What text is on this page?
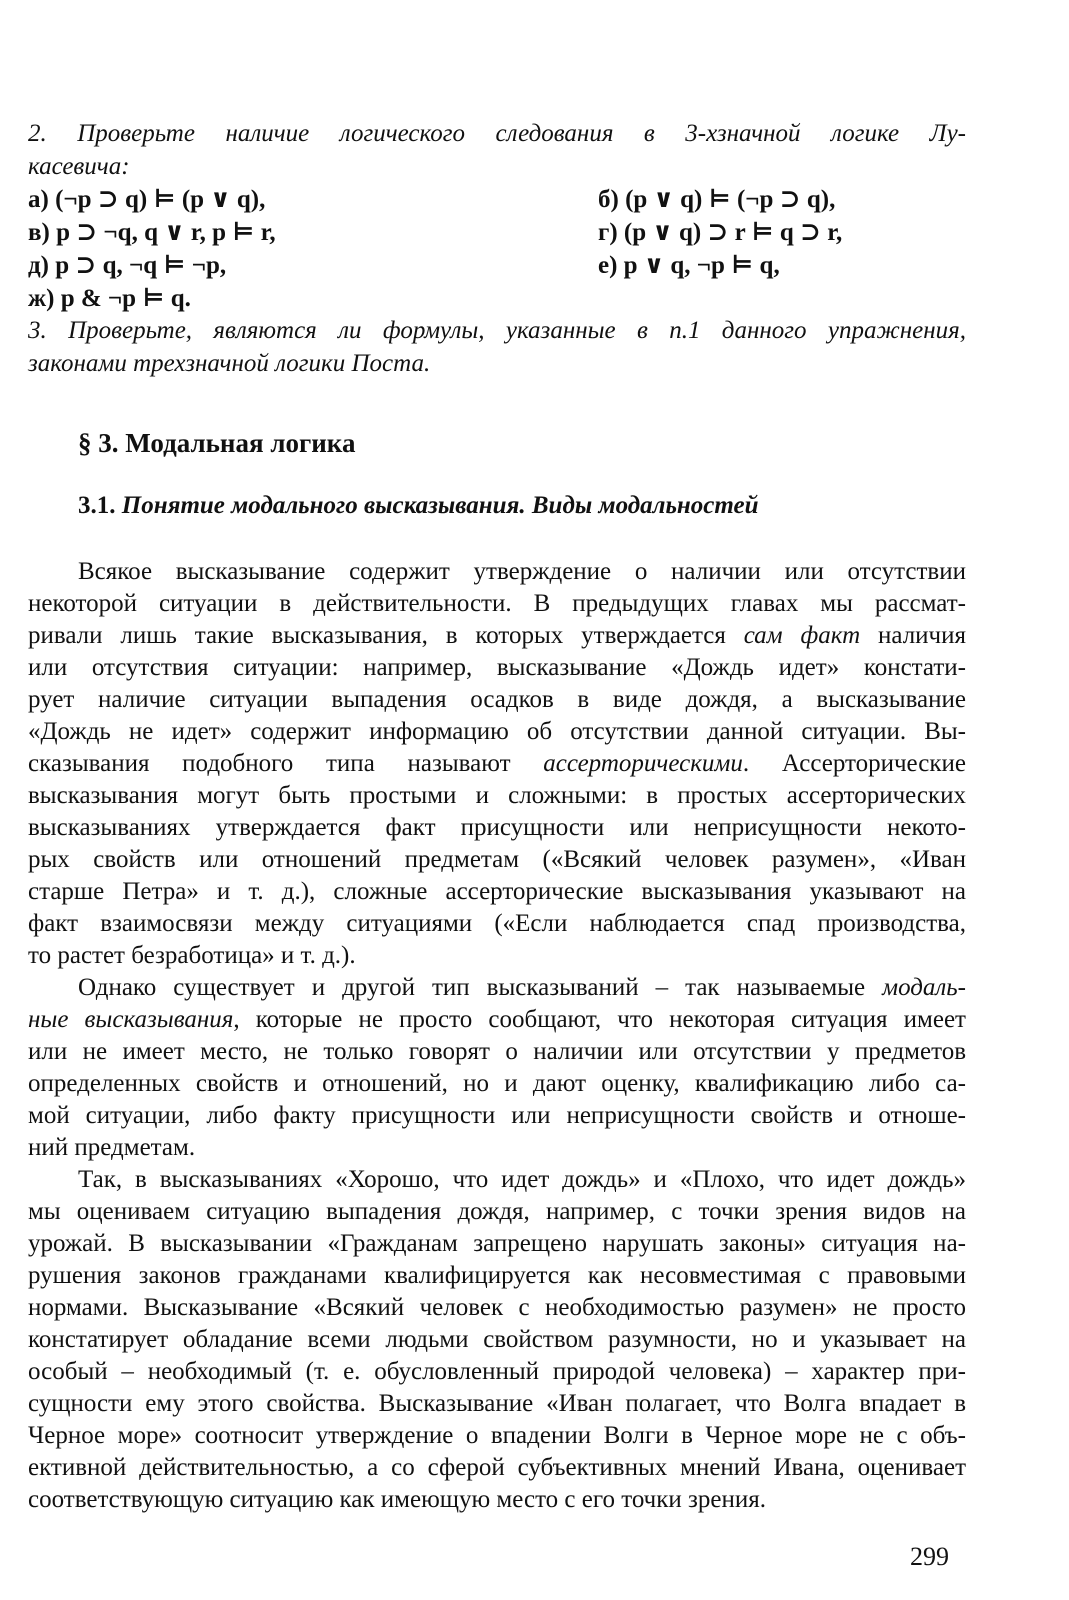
2. Проверьте наличие логического следования в 3-хзначной логике Лу-
касевича:
а) (¬p ⊃ q) ⊨ (p ∨ q),	б) (p ∨ q) ⊨ (¬p ⊃ q),
в) p ⊃ ¬q, q ∨ r, p ⊨ r,	г) (p ∨ q) ⊃ r ⊨ q ⊃ r,
д) p ⊃ q, ¬q ⊨ ¬p,	е) p ∨ q, ¬p ⊨ q,
ж) p & ¬p ⊨ q.
3. Проверьте, являются ли формулы, указанные в п.1 данного упражнения,
законами трехзначной логики Поста.
§ 3. Модальная логика
3.1. Понятие модального высказывания. Виды модальностей
Всякое высказывание содержит утверждение о наличии или отсутствии
некоторой ситуации в действительности. В предыдущих главах мы рассмат-
ривали лишь такие высказывания, в которых утверждается сам факт наличия
или отсутствия ситуации: например, высказывание «Дождь идет» констати-
рует наличие ситуации выпадения осадков в виде дождя, а высказывание
«Дождь не идет» содержит информацию об отсутствии данной ситуации. Вы-
сказывания подобного типа называют ассерторическими. Ассерторические
высказывания могут быть простыми и сложными: в простых ассерторических
высказываниях утверждается факт присущности или неприсущности некото-
рых свойств или отношений предметам («Всякий человек разумен», «Иван
старше Петра» и т. д.), сложные ассерторические высказывания указывают на
факт взаимосвязи между ситуациями («Если наблюдается спад производства,
то растет безработица» и т. д.).
Однако существует и другой тип высказываний – так называемые модаль-
ные высказывания, которые не просто сообщают, что некоторая ситуация имеет
или не имеет место, не только говорят о наличии или отсутствии у предметов
определенных свойств и отношений, но и дают оценку, квалификацию либо са-
мой ситуации, либо факту присущности или неприсущности свойств и отноше-
ний предметам.
Так, в высказываниях «Хорошо, что идет дождь» и «Плохо, что идет дождь»
мы оцениваем ситуацию выпадения дождя, например, с точки зрения видов на
урожай. В высказывании «Гражданам запрещено нарушать законы» ситуация на-
рушения законов гражданами квалифицируется как несовместимая с правовыми
нормами. Высказывание «Всякий человек с необходимостью разумен» не просто
констатирует обладание всеми людьми свойством разумности, но и указывает на
особый – необходимый (т. е. обусловленный природой человека) – характер при-
сущности ему этого свойства. Высказывание «Иван полагает, что Волга впадает в
Черное море» соотносит утверждение о впадении Волги в Черное море не с объ-
ективной действительностью, а со сферой субъективных мнений Ивана, оценивает
соответствующую ситуацию как имеющую место с его точки зрения.
299
